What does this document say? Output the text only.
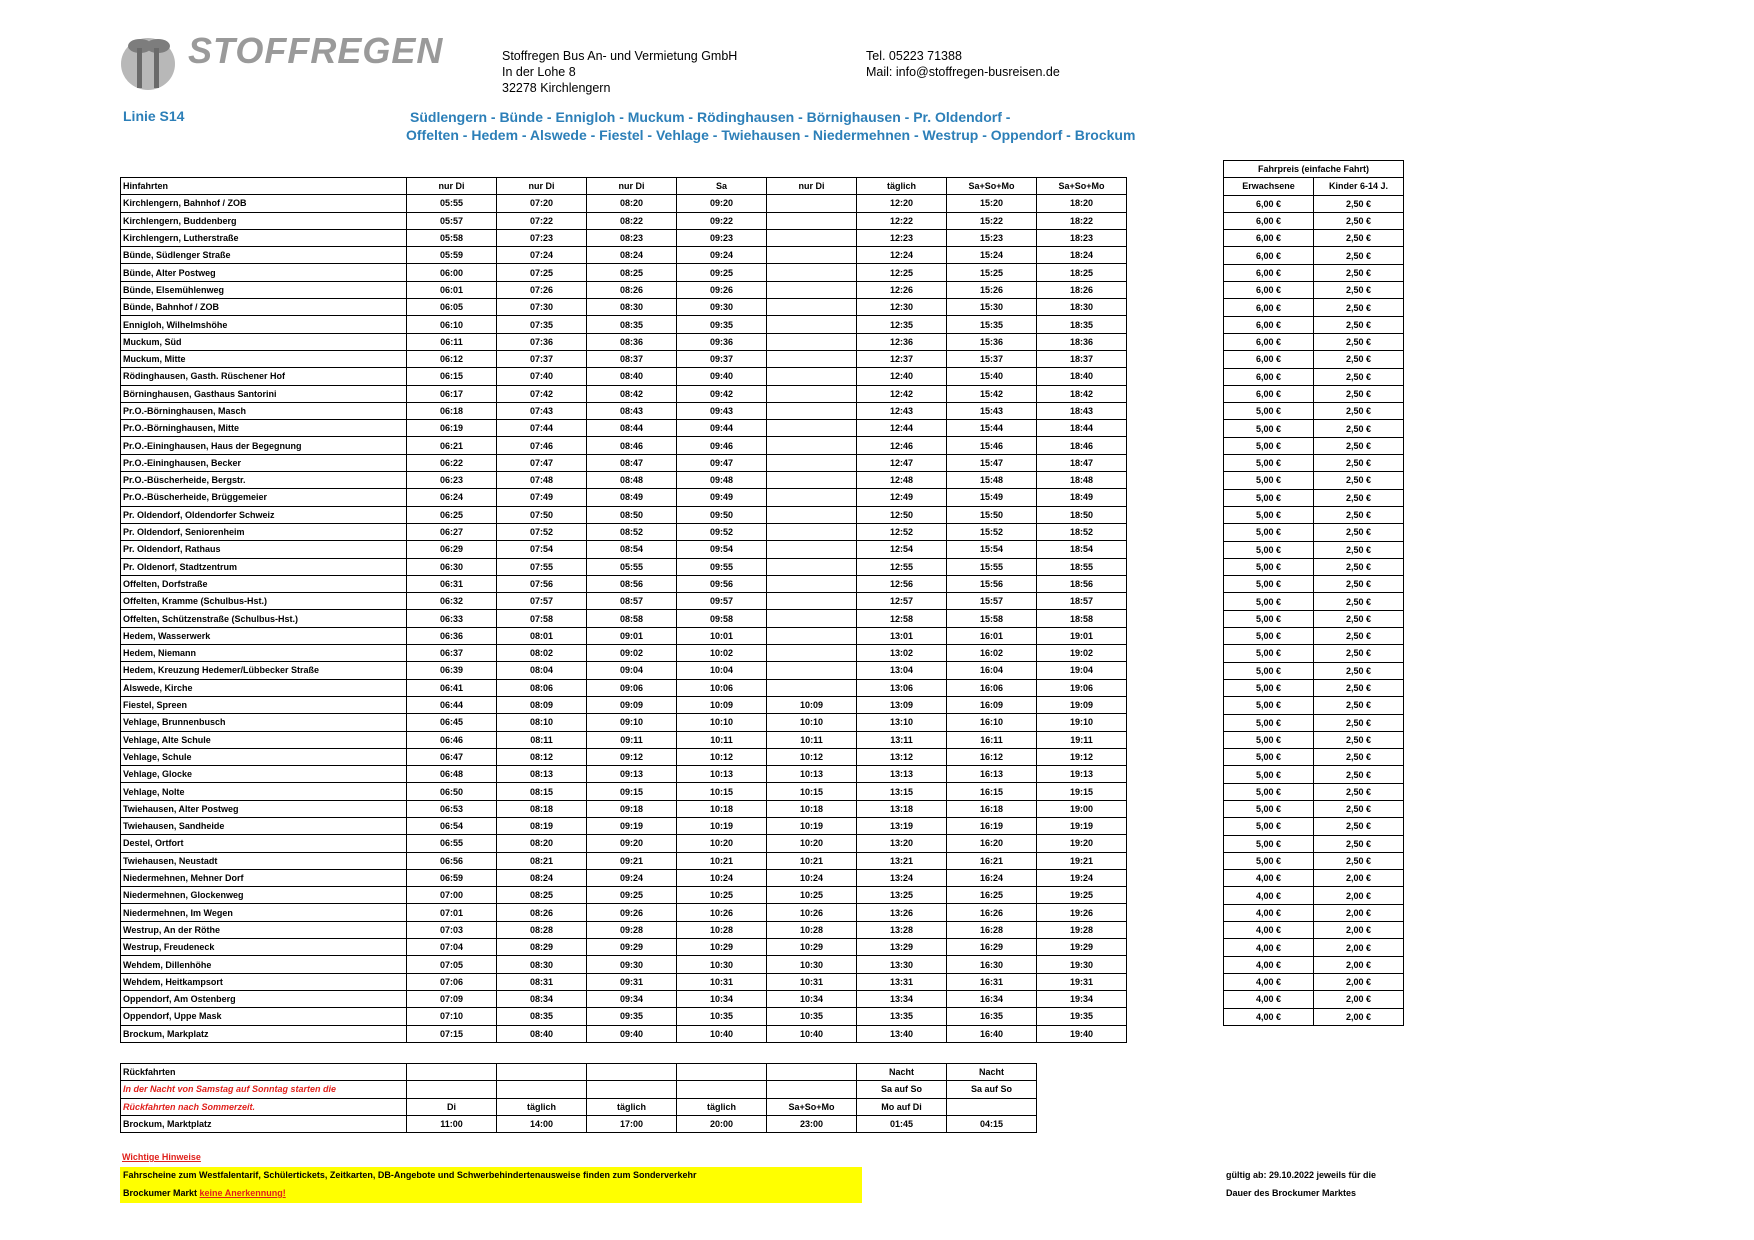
STOFFREGEN	Stoffregen Bus An- und Vermietung GmbH
In der Lohe 8
32278 Kirchlengern
Tel. 05223 71388
Mail: info@stoffregen-busreisen.de
Linie S14	Südlengern - Bünde - Ennigloh - Muckum - Rödinghausen - Börnighausen - Pr. Oldendorf -
Offelten - Hedem - Alswede - Fiestel - Vehlage - Twiehausen - Niedermehnen - Westrup - Oppendorf - Brockum
Hinfahrten	nur Di	nur Di	nur Di	Sa	nur Di	täglich	Sa+So+Mo	Sa+So+Mo
Kirchlengern, Bahnhof / ZOB	05:55	07:20	08:20	09:20		12:20	15:20	18:20
Kirchlengern, Buddenberg	05:57	07:22	08:22	09:22		12:22	15:22	18:22
Kirchlengern, Lutherstraße	05:58	07:23	08:23	09:23		12:23	15:23	18:23
Bünde, Südlenger Straße	05:59	07:24	08:24	09:24		12:24	15:24	18:24
Bünde, Alter Postweg	06:00	07:25	08:25	09:25		12:25	15:25	18:25
Bünde, Elsemühlenweg	06:01	07:26	08:26	09:26		12:26	15:26	18:26
Bünde, Bahnhof / ZOB	06:05	07:30	08:30	09:30		12:30	15:30	18:30
Ennigloh, Wilhelmshöhe	06:10	07:35	08:35	09:35		12:35	15:35	18:35
Muckum, Süd	06:11	07:36	08:36	09:36		12:36	15:36	18:36
Muckum, Mitte	06:12	07:37	08:37	09:37		12:37	15:37	18:37
Rödinghausen, Gasth. Rüschener Hof	06:15	07:40	08:40	09:40		12:40	15:40	18:40
Börninghausen, Gasthaus Santorini	06:17	07:42	08:42	09:42		12:42	15:42	18:42
Pr.O.-Börninghausen, Masch	06:18	07:43	08:43	09:43		12:43	15:43	18:43
Pr.O.-Börninghausen, Mitte	06:19	07:44	08:44	09:44		12:44	15:44	18:44
Pr.O.-Eininghausen, Haus der Begegnung	06:21	07:46	08:46	09:46		12:46	15:46	18:46
Pr.O.-Eininghausen, Becker	06:22	07:47	08:47	09:47		12:47	15:47	18:47
Pr.O.-Büscherheide, Bergstr.	06:23	07:48	08:48	09:48		12:48	15:48	18:48
Pr.O.-Büscherheide, Brüggemeier	06:24	07:49	08:49	09:49		12:49	15:49	18:49
Pr. Oldendorf, Oldendorfer Schweiz	06:25	07:50	08:50	09:50		12:50	15:50	18:50
Pr. Oldendorf, Seniorenheim	06:27	07:52	08:52	09:52		12:52	15:52	18:52
Pr. Oldendorf, Rathaus	06:29	07:54	08:54	09:54		12:54	15:54	18:54
Pr. Oldenorf, Stadtzentrum	06:30	07:55	05:55	09:55		12:55	15:55	18:55
Offelten, Dorfstraße	06:31	07:56	08:56	09:56		12:56	15:56	18:56
Offelten, Kramme (Schulbus-Hst.)	06:32	07:57	08:57	09:57		12:57	15:57	18:57
Offelten, Schützenstraße (Schulbus-Hst.)	06:33	07:58	08:58	09:58		12:58	15:58	18:58
Hedem, Wasserwerk	06:36	08:01	09:01	10:01		13:01	16:01	19:01
Hedem, Niemann	06:37	08:02	09:02	10:02		13:02	16:02	19:02
Hedem, Kreuzung Hedemer/Lübbecker Straße	06:39	08:04	09:04	10:04		13:04	16:04	19:04
Alswede, Kirche	06:41	08:06	09:06	10:06		13:06	16:06	19:06
Fiestel, Spreen	06:44	08:09	09:09	10:09	10:09	13:09	16:09	19:09
Vehlage, Brunnenbusch	06:45	08:10	09:10	10:10	10:10	13:10	16:10	19:10
Vehlage, Alte Schule	06:46	08:11	09:11	10:11	10:11	13:11	16:11	19:11
Vehlage, Schule	06:47	08:12	09:12	10:12	10:12	13:12	16:12	19:12
Vehlage, Glocke	06:48	08:13	09:13	10:13	10:13	13:13	16:13	19:13
Vehlage, Nolte	06:50	08:15	09:15	10:15	10:15	13:15	16:15	19:15
Twiehausen, Alter Postweg	06:53	08:18	09:18	10:18	10:18	13:18	16:18	19:00
Twiehausen, Sandheide	06:54	08:19	09:19	10:19	10:19	13:19	16:19	19:19
Destel, Ortfort	06:55	08:20	09:20	10:20	10:20	13:20	16:20	19:20
Twiehausen, Neustadt	06:56	08:21	09:21	10:21	10:21	13:21	16:21	19:21
Niedermehnen, Mehner Dorf	06:59	08:24	09:24	10:24	10:24	13:24	16:24	19:24
Niedermehnen, Glockenweg	07:00	08:25	09:25	10:25	10:25	13:25	16:25	19:25
Niedermehnen, Im Wegen	07:01	08:26	09:26	10:26	10:26	13:26	16:26	19:26
Westrup, An der Röthe	07:03	08:28	09:28	10:28	10:28	13:28	16:28	19:28
Westrup, Freudeneck	07:04	08:29	09:29	10:29	10:29	13:29	16:29	19:29
Wehdem, Dillenhöhe	07:05	08:30	09:30	10:30	10:30	13:30	16:30	19:30
Wehdem, Heitkampsort	07:06	08:31	09:31	10:31	10:31	13:31	16:31	19:31
Oppendorf, Am Ostenberg	07:09	08:34	09:34	10:34	10:34	13:34	16:34	19:34
Oppendorf, Uppe Mask	07:10	08:35	09:35	10:35	10:35	13:35	16:35	19:35
Brockum, Markplatz	07:15	08:40	09:40	10:40	10:40	13:40	16:40	19:40
Fahrpreis (einfache Fahrt)	
Erwachsene	Kinder 6-14 J.
6,00 €	2,50 €
6,00 €	2,50 €
6,00 €	2,50 €
6,00 €	2,50 €
6,00 €	2,50 €
6,00 €	2,50 €
6,00 €	2,50 €
6,00 €	2,50 €
6,00 €	2,50 €
6,00 €	2,50 €
6,00 €	2,50 €
6,00 €	2,50 €
5,00 €	2,50 €
5,00 €	2,50 €
5,00 €	2,50 €
5,00 €	2,50 €
5,00 €	2,50 €
5,00 €	2,50 €
5,00 €	2,50 €
5,00 €	2,50 €
5,00 €	2,50 €
5,00 €	2,50 €
5,00 €	2,50 €
5,00 €	2,50 €
5,00 €	2,50 €
5,00 €	2,50 €
5,00 €	2,50 €
5,00 €	2,50 €
5,00 €	2,50 €
5,00 €	2,50 €
5,00 €	2,50 €
5,00 €	2,50 €
5,00 €	2,50 €
5,00 €	2,50 €
5,00 €	2,50 €
5,00 €	2,50 €
5,00 €	2,50 €
5,00 €	2,50 €
5,00 €	2,50 €
4,00 €	2,00 €
4,00 €	2,00 €
4,00 €	2,00 €
4,00 €	2,00 €
4,00 €	2,00 €
4,00 €	2,00 €
4,00 €	2,00 €
4,00 €	2,00 €
4,00 €	2,00 €
Rückfahrten						Nacht	Nacht
In der Nacht von Samstag auf Sonntag starten die						Sa auf So	Sa auf So
Rückfahrten nach Sommerzeit.	Di	täglich	täglich	täglich	Sa+So+Mo	Mo auf Di	
Brockum, Marktplatz	11:00	14:00	17:00	20:00	23:00	01:45	04:15
Wichtige Hinweise
Fahrscheine zum Westfalentarif, Schülertickets, Zeitkarten, DB-Angebote und Schwerbehindertenausweise finden zum Sonderverkehr
Brockumer Markt keine Anerkennung!
gültig ab: 29.10.2022 jeweils für die
Dauer des Brockumer Marktes
